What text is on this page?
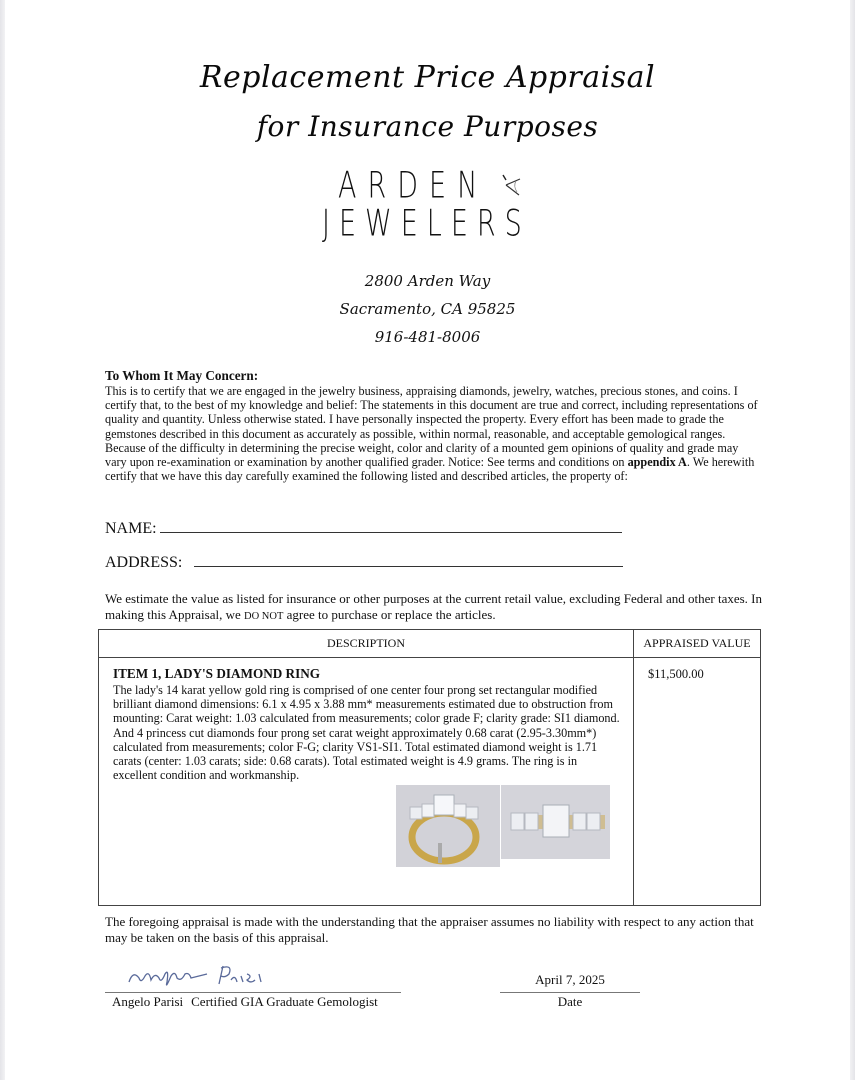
Replacement Price Appraisal
for Insurance Purposes
ARDEN
JEWELERS
2800 Arden Way
Sacramento, CA 95825
916-481-8006
To Whom It May Concern:

This is to certify that we are engaged in the jewelry business, appraising diamonds, jewelry, watches, precious stones, and coins. I certify that, to the best of my knowledge and belief: The statements in this document are true and correct, including representations of quality and quantity. Unless otherwise stated. I have personally inspected the property. Every effort has been made to grade the gemstones described in this document as accurately as possible, within normal, reasonable, and acceptable gemological ranges. Because of the difficulty in determining the precise weight, color and clarity of a mounted gem opinions of quality and grade may vary upon re-examination or examination by another qualified grader. Notice: See terms and conditions on appendix A. We herewith certify that we have this day carefully examined the following listed and described articles, the property of:

NAME:
ADDRESS:
We estimate the value as listed for insurance or other purposes at the current retail value, excluding Federal and other taxes. In making this Appraisal, we DO NOT agree to purchase or replace the articles.
DESCRIPTION	APPRAISED VALUE

ITEM 1, LADY'S DIAMOND RING
The lady's 14 karat yellow gold ring is comprised of one center four prong set rectangular modified brilliant diamond dimensions: 6.1 x 4.95 x 3.88 mm* measurements estimated due to obstruction from mounting: Carat weight: 1.03 calculated from measurements; color grade F; clarity grade: SI1 diamond. And 4 princess cut diamonds four prong set carat weight approximately 0.68 carat (2.95-3.30mm*) calculated from measurements; color F-G; clarity VS1-SI1. Total estimated diamond weight is 1.71 carats (center: 1.03 carats; side: 0.68 carats). Total estimated weight is 4.9 grams. The ring is in excellent condition and workmanship.	$11,500.00
The foregoing appraisal is made with the understanding that the appraiser assumes no liability with respect to any action that may be taken on the basis of this appraisal.
Angelo Parisi Certified GIA Graduate Gemologist
April 7, 2025
Date
